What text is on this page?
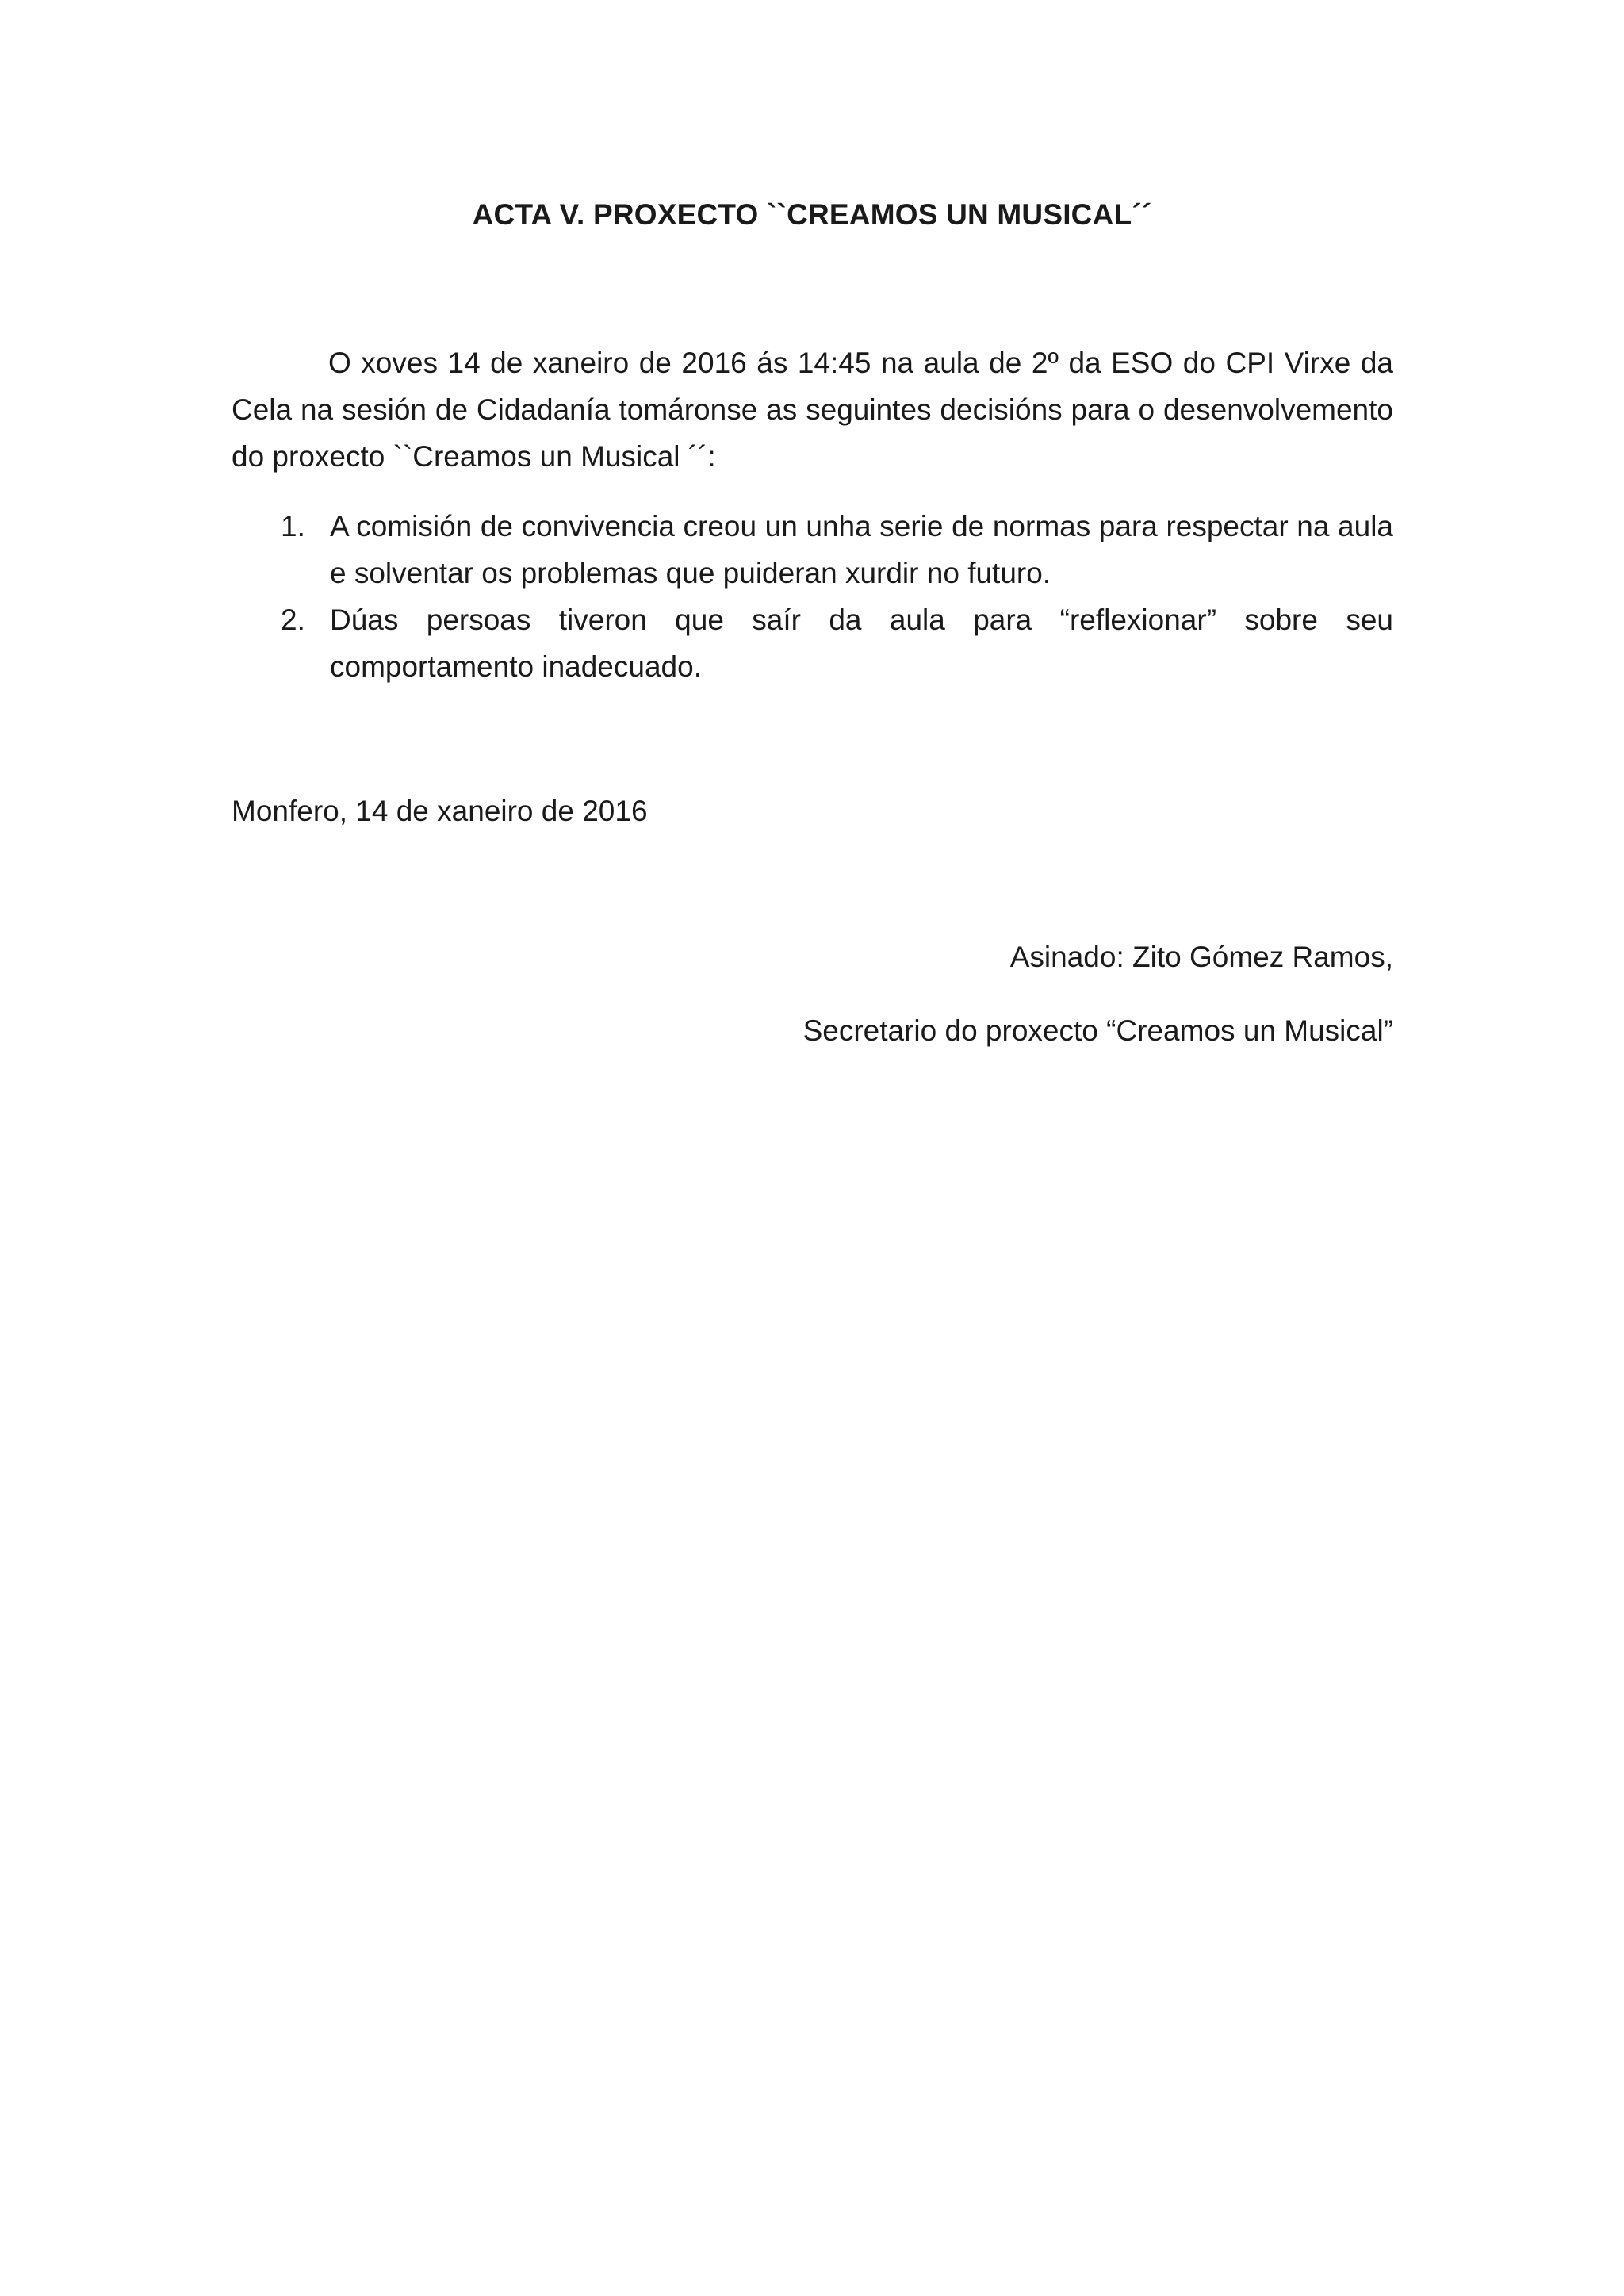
ACTA V. PROXECTO ``CREAMOS UN MUSICAL´´

O xoves 14 de xaneiro de 2016 ás 14:45 na aula de 2º da ESO do CPI Virxe da Cela na sesión de Cidadanía tomáronse as seguintes decisións para o desenvolvemento do proxecto ``Creamos un Musical ´´:

1. A comisión de convivencia creou un unha serie de normas para respectar na aula e solventar os problemas que puideran xurdir no futuro.
2. Dúas persoas tiveron que saír da aula para “reflexionar” sobre seu comportamento inadecuado.

Monfero, 14 de xaneiro de 2016

Asinado: Zito Gómez Ramos,

Secretario do proxecto “Creamos un Musical”
